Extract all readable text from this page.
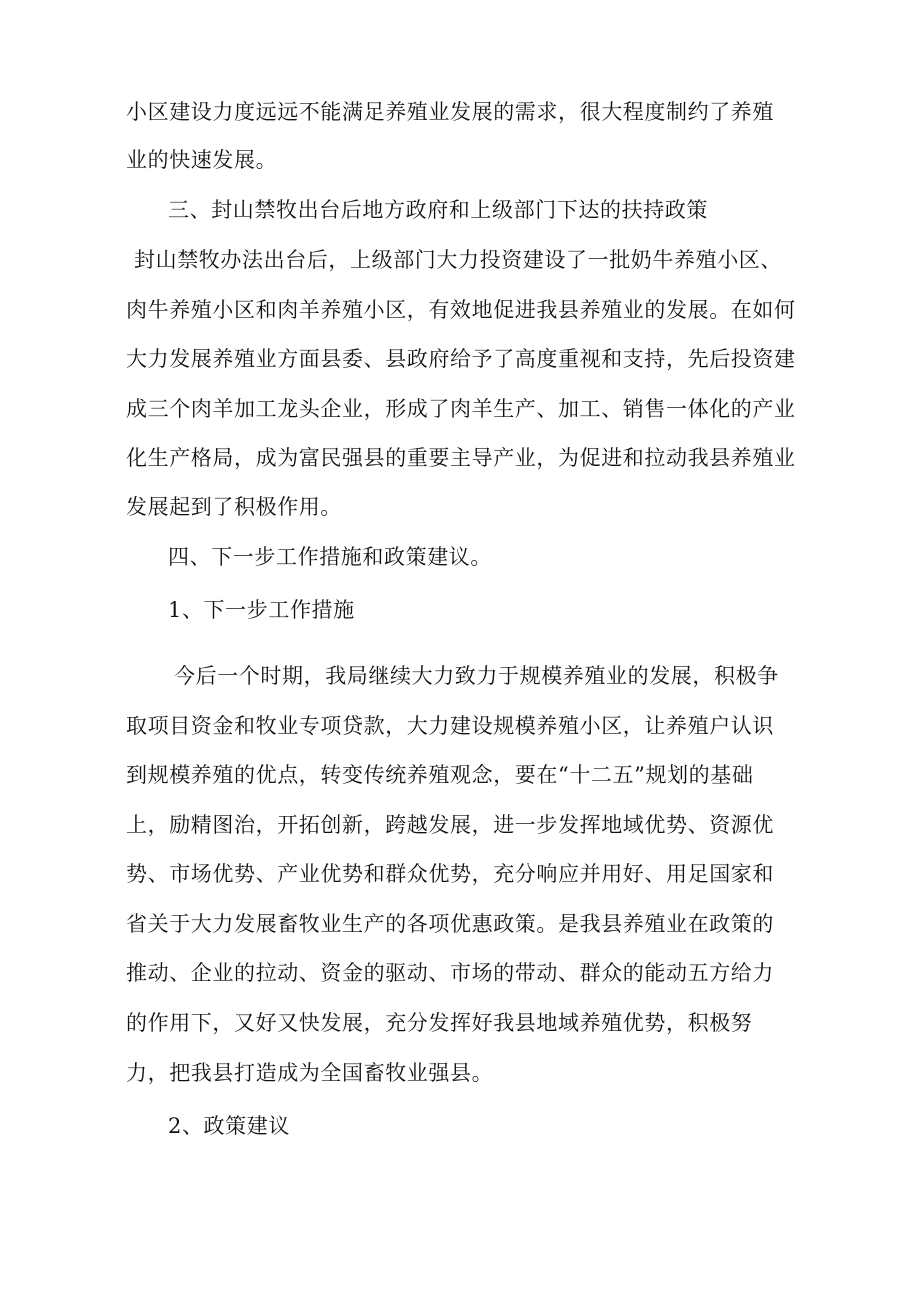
小区建设力度远远不能满足养殖业发展的需求，很大程度制约了养殖
业的快速发展。
三、封山禁牧出台后地方政府和上级部门下达的扶持政策
封山禁牧办法出台后，上级部门大力投资建设了一批奶牛养殖小区、
肉牛养殖小区和肉羊养殖小区，有效地促进我县养殖业的发展。在如何
大力发展养殖业方面县委、县政府给予了高度重视和支持，先后投资建
成三个肉羊加工龙头企业，形成了肉羊生产、加工、销售一体化的产业
化生产格局，成为富民强县的重要主导产业，为促进和拉动我县养殖业
发展起到了积极作用。
四、下一步工作措施和政策建议。
1、下一步工作措施
今后一个时期，我局继续大力致力于规模养殖业的发展，积极争
取项目资金和牧业专项贷款，大力建设规模养殖小区，让养殖户认识
到规模养殖的优点，转变传统养殖观念，要在“十二五”规划的基础
上，励精图治，开拓创新，跨越发展，进一步发挥地域优势、资源优
势、市场优势、产业优势和群众优势，充分响应并用好、用足国家和
省关于大力发展畜牧业生产的各项优惠政策。是我县养殖业在政策的
推动、企业的拉动、资金的驱动、市场的带动、群众的能动五方给力
的作用下，又好又快发展，充分发挥好我县地域养殖优势，积极努
力，把我县打造成为全国畜牧业强县。
2、政策建议
